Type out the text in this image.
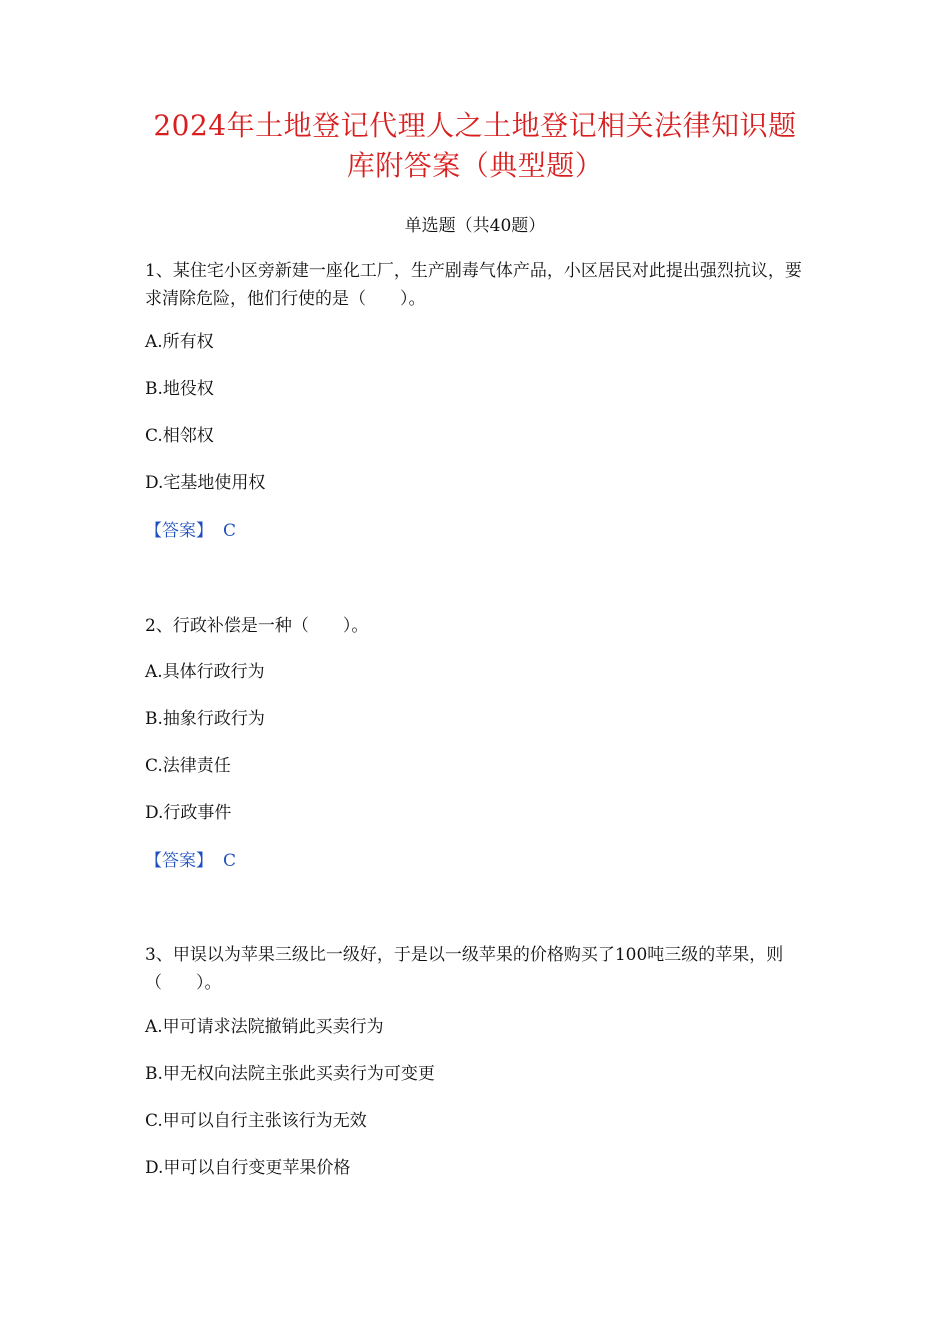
2024年土地登记代理人之土地登记相关法律知识题
库附答案（典型题）
单选题（共40题）
1、某住宅小区旁新建一座化工厂，生产剧毒气体产品，小区居民对此提出强烈抗议，要求清除危险，他们行使的是（　　）。
A.所有权
B.地役权
C.相邻权
D.宅基地使用权
【答案】 C
2、行政补偿是一种（　　）。
A.具体行政行为
B.抽象行政行为
C.法律责任
D.行政事件
【答案】 C
3、甲误以为苹果三级比一级好，于是以一级苹果的价格购买了100吨三级的苹果，则（　　）。
A.甲可请求法院撤销此买卖行为
B.甲无权向法院主张此买卖行为可变更
C.甲可以自行主张该行为无效
D.甲可以自行变更苹果价格
